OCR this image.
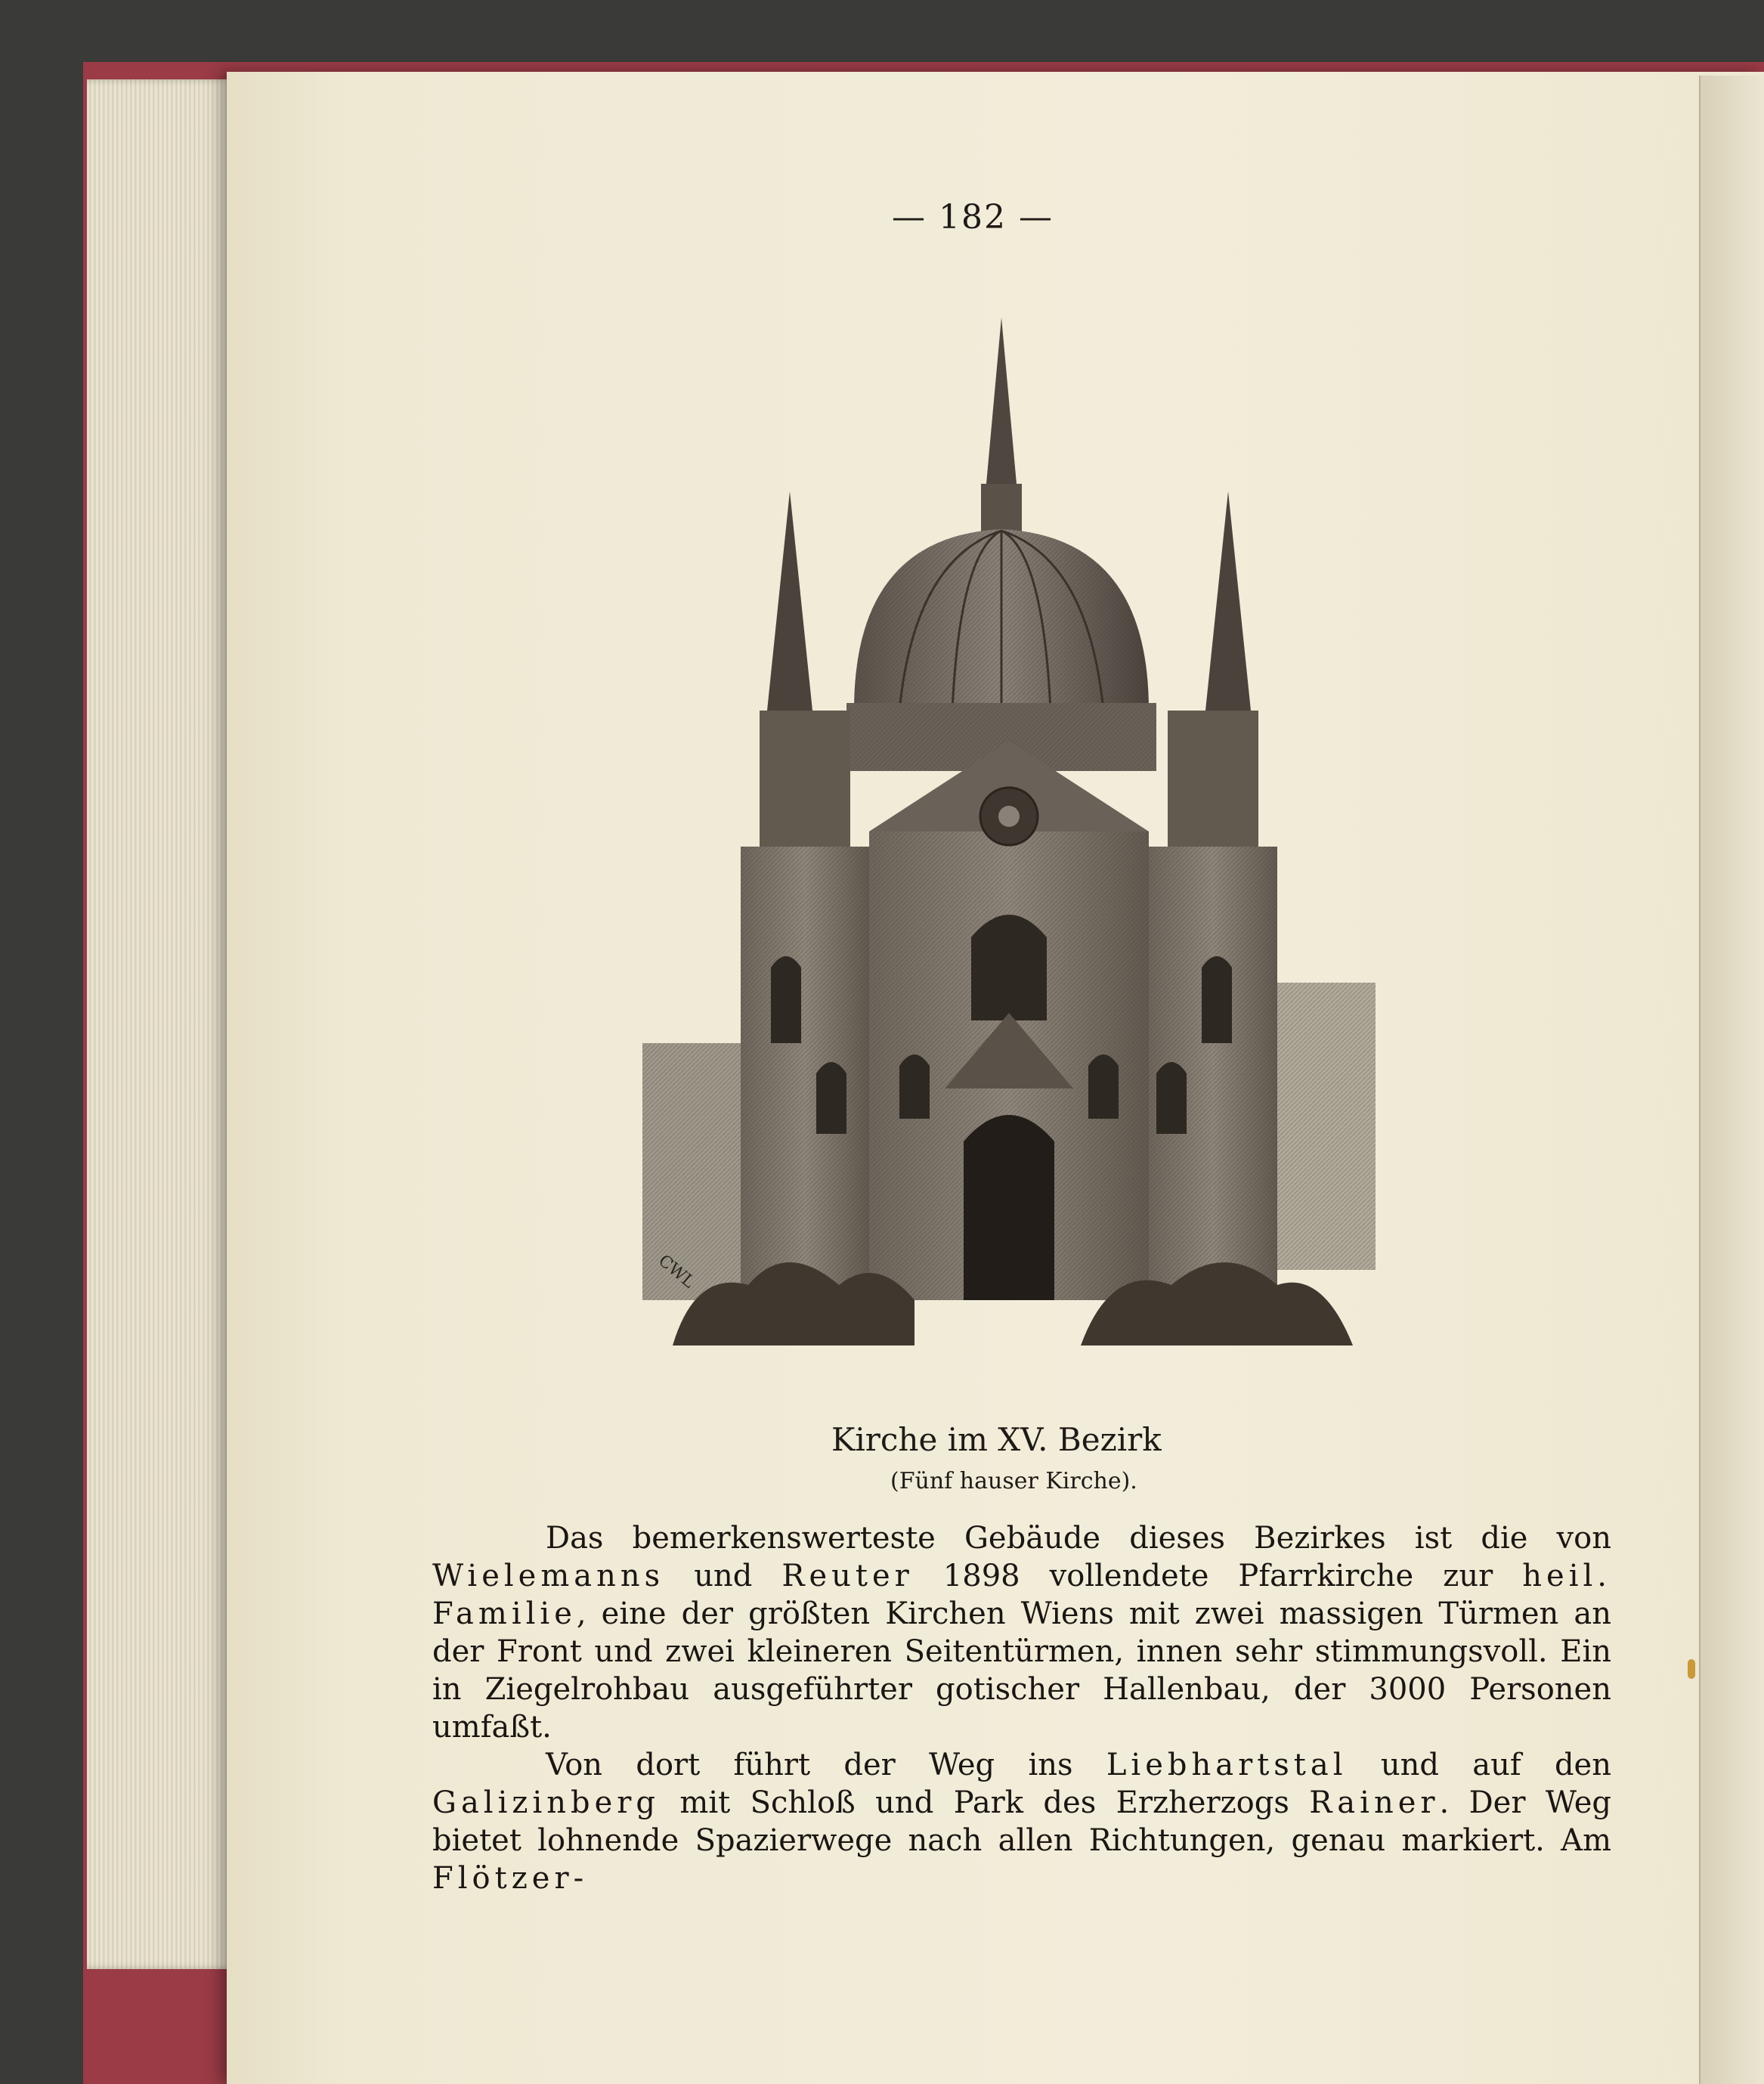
— 182 —
CWL
Kirche im XV. Bezirk
(Fünf hauser Kirche).

Das bemerkenswerteste Gebäude dieses Bezirkes ist die von Wielemanns und Reuter 1898 vollendete Pfarrkirche zur heil. Familie, eine der größten Kirchen Wiens mit zwei massigen Türmen an der Front und zwei kleineren Seitentürmen, innen sehr stimmungsvoll. Ein in Ziegelrohbau ausgeführter gotischer Hallenbau, der 3000 Personen umfaßt.

Von dort führt der Weg ins Liebhartstal und auf den Galizinberg mit Schloß und Park des Erzherzogs Rainer. Der Weg bietet lohnende Spazierwege nach allen Richtungen, genau markiert. Am Flötzer-
